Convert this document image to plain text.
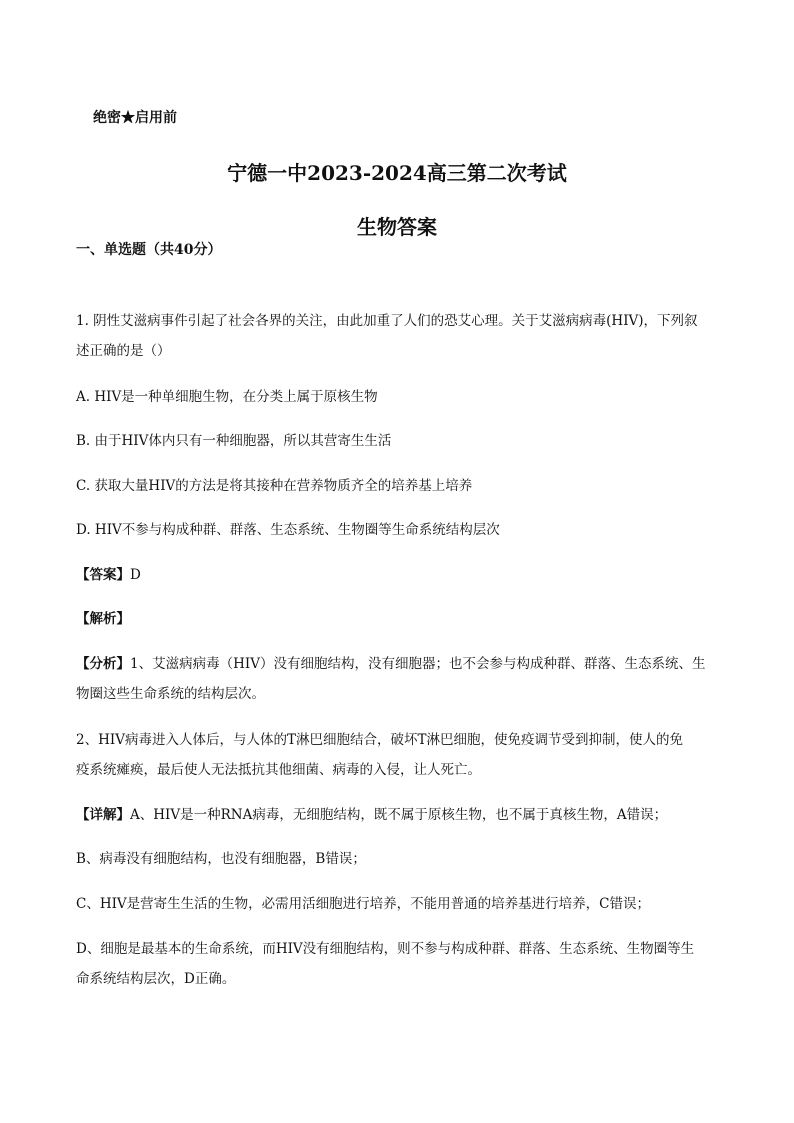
绝密★启用前
宁德一中2023-2024高三第二次考试
生物答案
一、单选题（共40分）
1. 阴性艾滋病事件引起了社会各界的关注，由此加重了人们的恐艾心理。关于艾滋病病毒(HIV)，下列叙
述正确的是（）
A. HIV是一种单细胞生物，在分类上属于原核生物
B. 由于HIV体内只有一种细胞器，所以其营寄生生活
C. 获取大量HIV的方法是将其接种在营养物质齐全的培养基上培养
D. HIV不参与构成种群、群落、生态系统、生物圈等生命系统结构层次
【答案】D
【解析】
【分析】1、艾滋病病毒（HIV）没有细胞结构，没有细胞器；也不会参与构成种群、群落、生态系统、生
物圈这些生命系统的结构层次。
2、HIV病毒进入人体后，与人体的T淋巴细胞结合，破坏T淋巴细胞，使免疫调节受到抑制，使人的免
疫系统瘫痪，最后使人无法抵抗其他细菌、病毒的入侵，让人死亡。
【详解】A、HIV是一种RNA病毒，无细胞结构，既不属于原核生物，也不属于真核生物，A错误；
B、病毒没有细胞结构，也没有细胞器，B错误；
C、HIV是营寄生生活的生物，必需用活细胞进行培养，不能用普通的培养基进行培养，C错误；
D、细胞是最基本的生命系统，而HIV没有细胞结构，则不参与构成种群、群落、生态系统、生物圈等生
命系统结构层次，D正确。
